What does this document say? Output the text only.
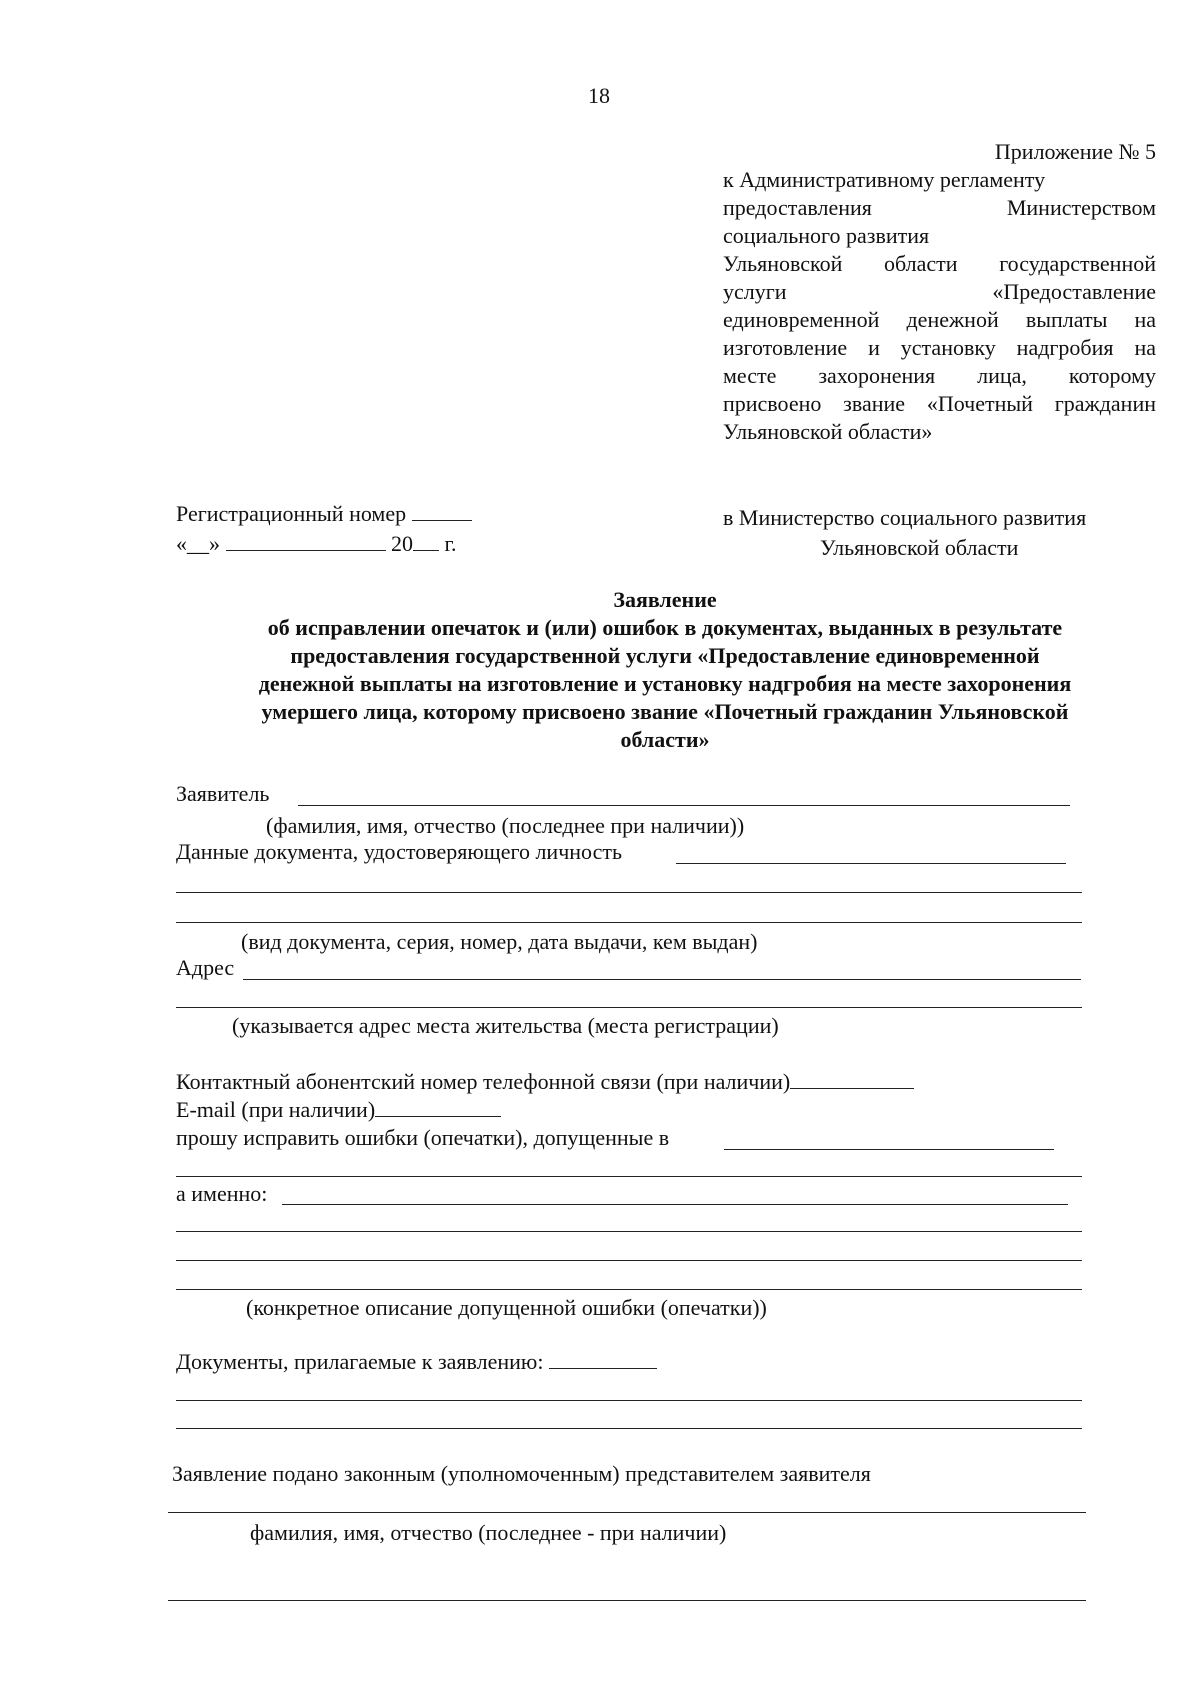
18
Приложение № 5
к Административному регламенту
предоставления Министерством
социального развития
Ульяновской области государственной
услуги «Предоставление
единовременной денежной выплаты на
изготовление и установку надгробия на
месте захоронения лица, которому
присвоено звание «Почетный гражданин
Ульяновской области»
Регистрационный номер
«__»	20 г.
в Министерство социального развития
Ульяновской области
Заявление
об исправлении опечаток и (или) ошибок в документах, выданных в результате
предоставления государственной услуги «Предоставление единовременной
денежной выплаты на изготовление и установку надгробия на месте захоронения
умершего лица, которому присвоено звание «Почетный гражданин Ульяновской
области»
Заявитель
(фамилия, имя, отчество (последнее при наличии))
Данные документа, удостоверяющего личность
(вид документа, серия, номер, дата выдачи, кем выдан)
Адрес
(указывается адрес места жительства (места регистрации)
Контактный абонентский номер телефонной связи (при наличии)
E-mail (при наличии)
прошу исправить ошибки (опечатки), допущенные в
а именно:
(конкретное описание допущенной ошибки (опечатки))
Документы, прилагаемые к заявлению:
Заявление подано законным (уполномоченным) представителем заявителя
фамилия, имя, отчество (последнее - при наличии)
